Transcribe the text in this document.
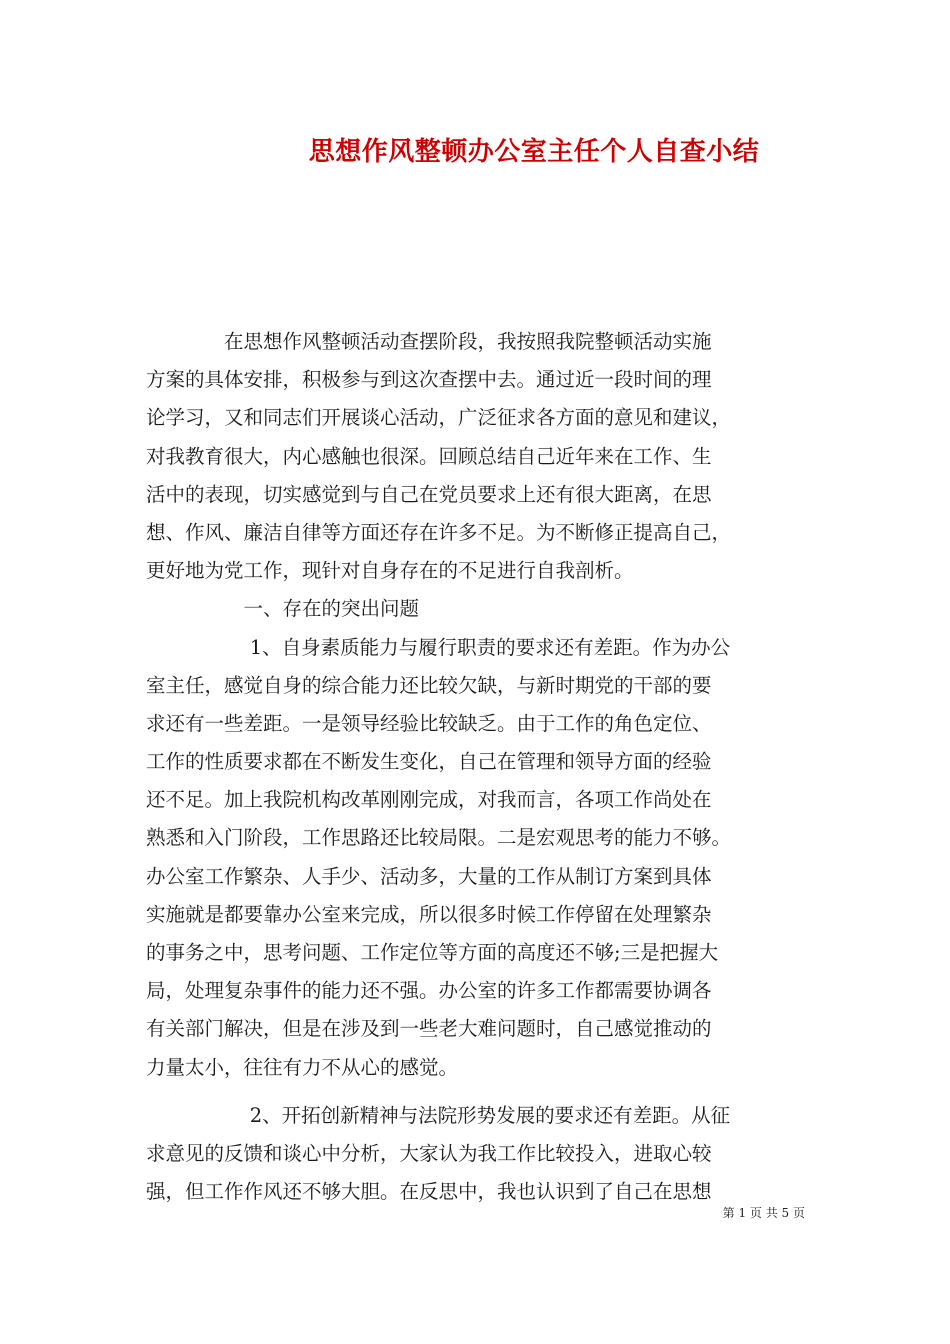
思想作风整顿办公室主任个人自查小结
　　　　在思想作风整顿活动查摆阶段，我按照我院整顿活动实施
方案的具体安排，积极参与到这次查摆中去。通过近一段时间的理
论学习，又和同志们开展谈心活动，广泛征求各方面的意见和建议，
对我教育很大，内心感触也很深。回顾总结自己近年来在工作、生
活中的表现，切实感觉到与自己在党员要求上还有很大距离，在思
想、作风、廉洁自律等方面还存在许多不足。为不断修正提高自己，
更好地为党工作，现针对自身存在的不足进行自我剖析。
　　　　　一、存在的突出问题
　　　　　 1、自身素质能力与履行职责的要求还有差距。作为办公
室主任，感觉自身的综合能力还比较欠缺，与新时期党的干部的要
求还有一些差距。一是领导经验比较缺乏。由于工作的角色定位、
工作的性质要求都在不断发生变化，自己在管理和领导方面的经验
还不足。加上我院机构改革刚刚完成，对我而言，各项工作尚处在
熟悉和入门阶段，工作思路还比较局限。二是宏观思考的能力不够。
办公室工作繁杂、人手少、活动多，大量的工作从制订方案到具体
实施就是都要靠办公室来完成，所以很多时候工作停留在处理繁杂
的事务之中，思考问题、工作定位等方面的高度还不够;三是把握大
局，处理复杂事件的能力还不强。办公室的许多工作都需要协调各
有关部门解决，但是在涉及到一些老大难问题时，自己感觉推动的
力量太小，往往有力不从心的感觉。
　　　　　 2、开拓创新精神与法院形势发展的要求还有差距。从征
求意见的反馈和谈心中分析，大家认为我工作比较投入，进取心较
强，但工作作风还不够大胆。在反思中，我也认识到了自己在思想
第 1 页 共 5 页
